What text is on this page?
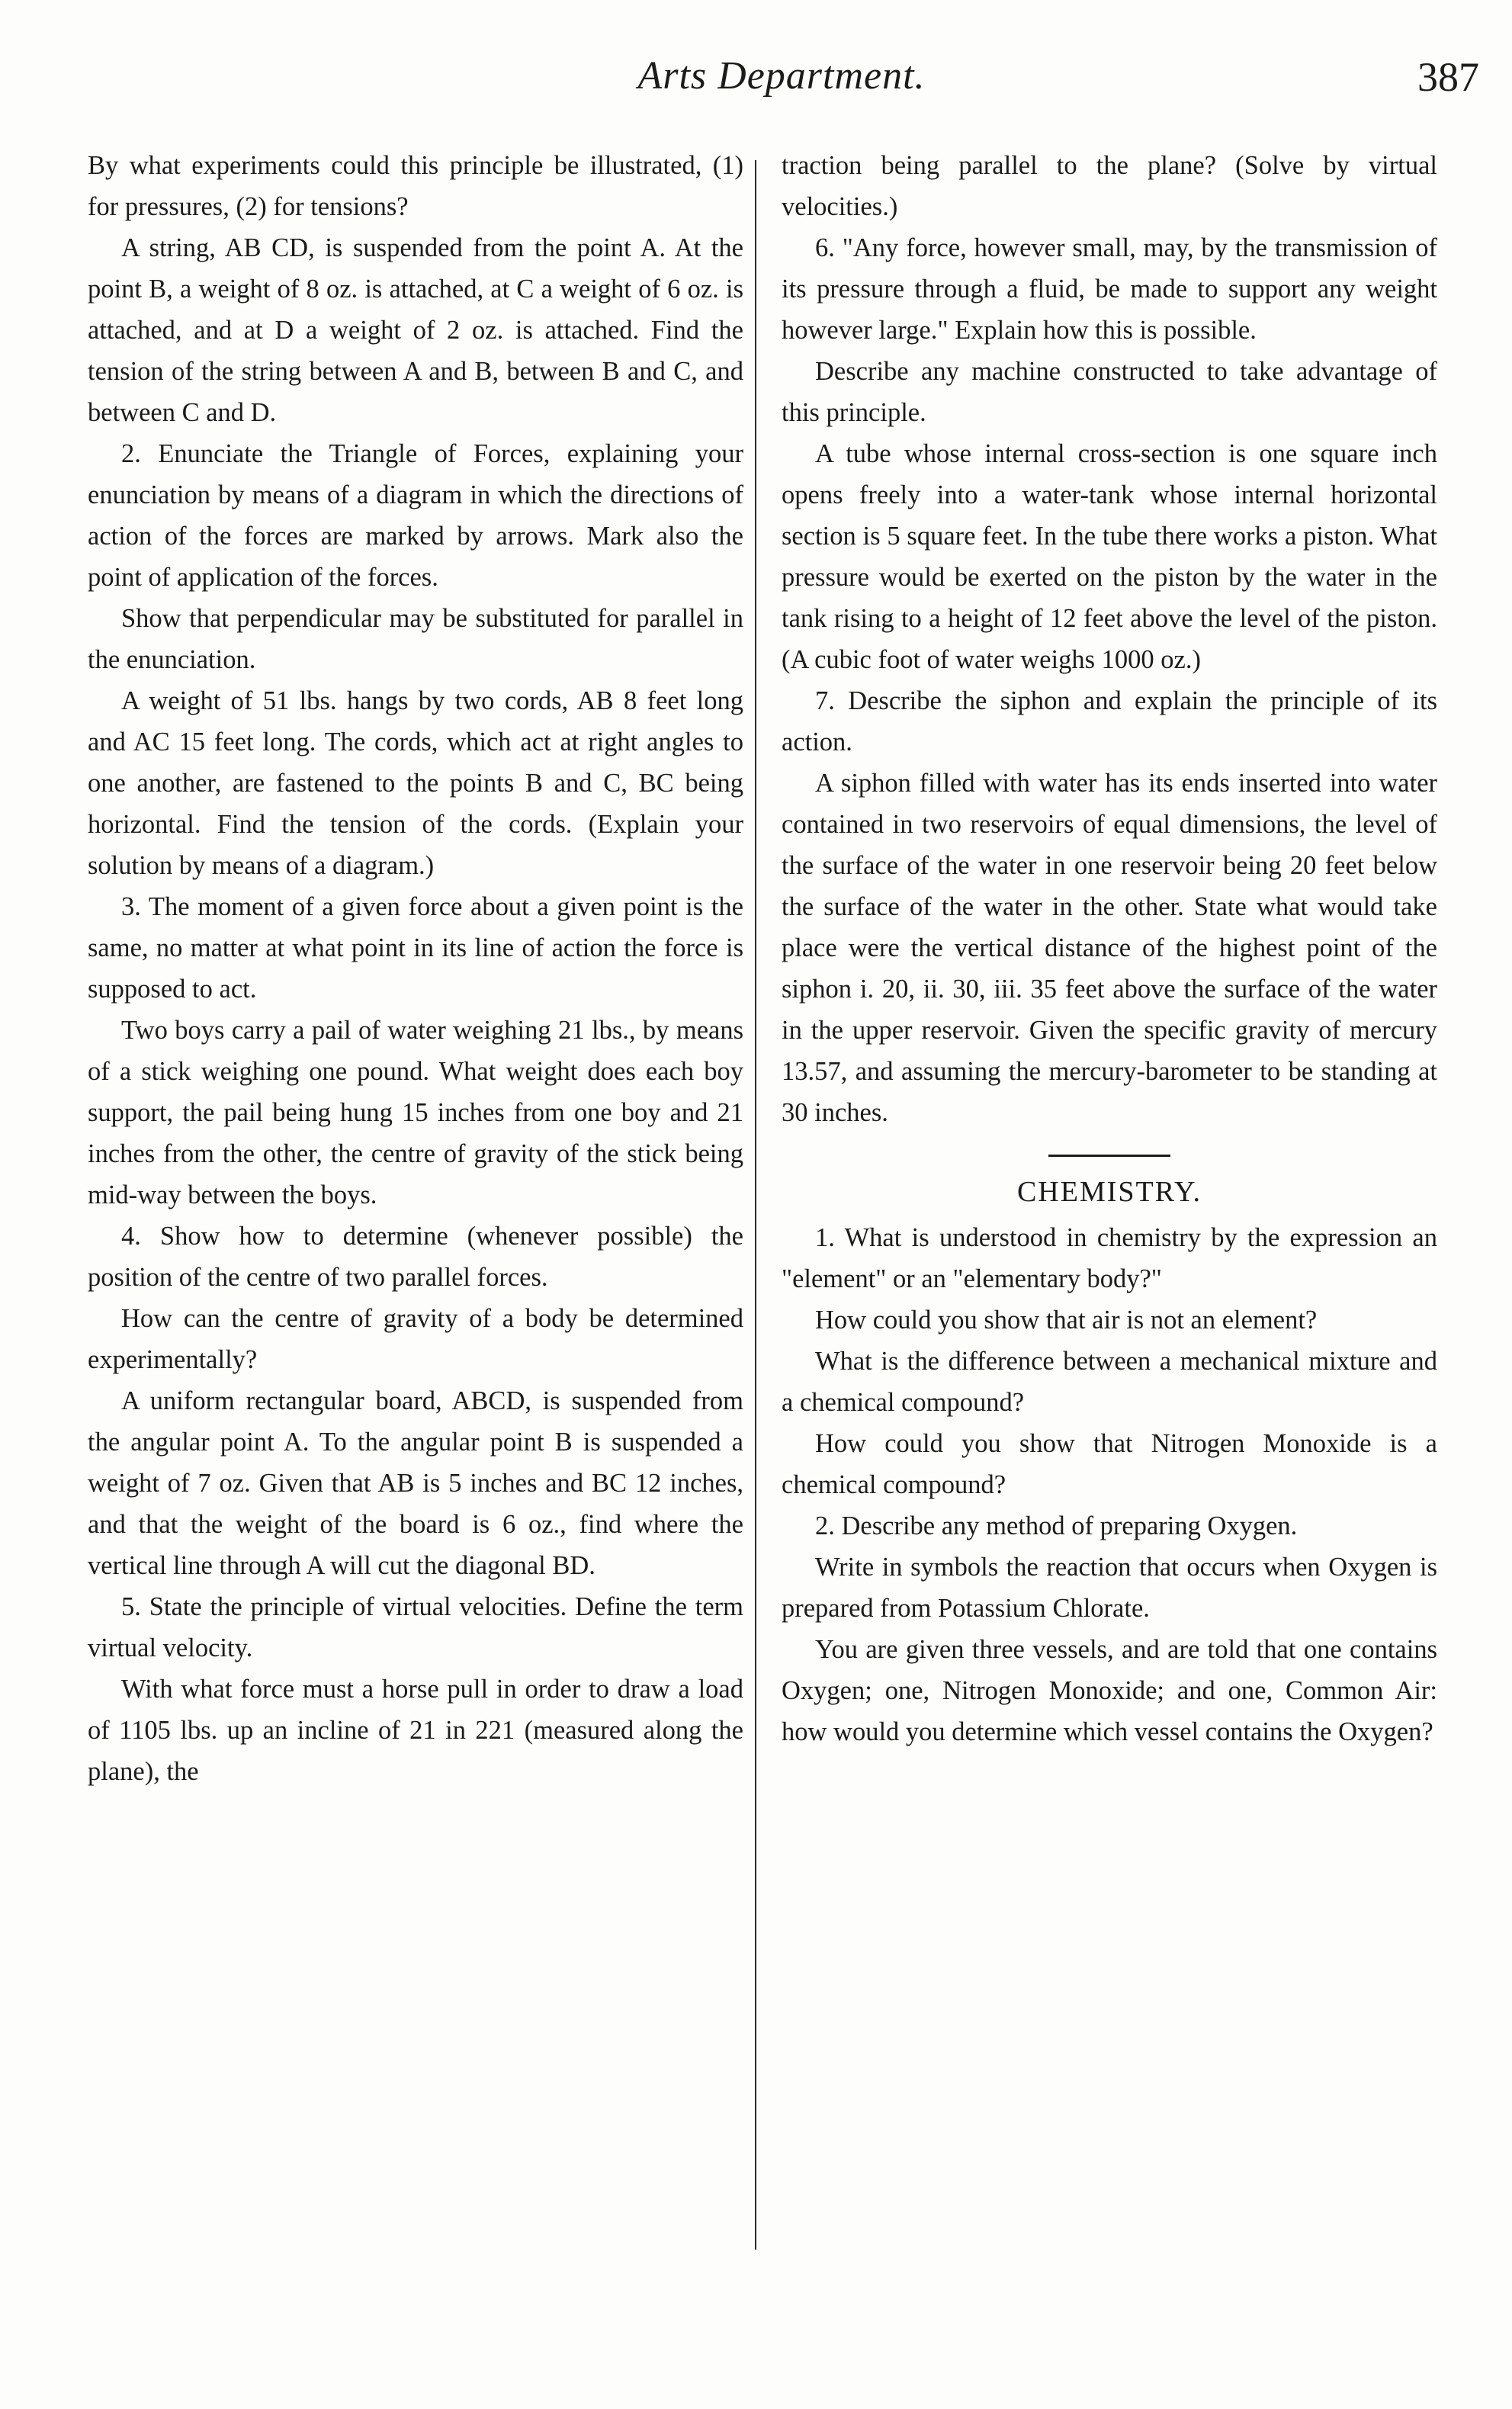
Arts Department.	387

By what experiments could this principle be illustrated, (1) for pressures, (2) for tensions?

A string, AB CD, is suspended from the point A. At the point B, a weight of 8 oz. is attached, at C a weight of 6 oz. is attached, and at D a weight of 2 oz. is attached. Find the tension of the string between A and B, between B and C, and between C and D.

2. Enunciate the Triangle of Forces, explaining your enunciation by means of a diagram in which the directions of action of the forces are marked by arrows. Mark also the point of application of the forces.

Show that perpendicular may be substituted for parallel in the enunciation.

A weight of 51 lbs. hangs by two cords, AB 8 feet long and AC 15 feet long. The cords, which act at right angles to one another, are fastened to the points B and C, BC being horizontal. Find the tension of the cords. (Explain your solution by means of a diagram.)

3. The moment of a given force about a given point is the same, no matter at what point in its line of action the force is supposed to act.

Two boys carry a pail of water weighing 21 lbs., by means of a stick weighing one pound. What weight does each boy support, the pail being hung 15 inches from one boy and 21 inches from the other, the centre of gravity of the stick being mid-way between the boys.

4. Show how to determine (whenever possible) the position of the centre of two parallel forces.

How can the centre of gravity of a body be determined experimentally?

A uniform rectangular board, ABCD, is suspended from the angular point A. To the angular point B is suspended a weight of 7 oz. Given that AB is 5 inches and BC 12 inches, and that the weight of the board is 6 oz., find where the vertical line through A will cut the diagonal BD.

5. State the principle of virtual velocities. Define the term virtual velocity.

With what force must a horse pull in order to draw a load of 1105 lbs. up an incline of 21 in 221 (measured along the plane), the

traction being parallel to the plane? (Solve by virtual velocities.)

6. "Any force, however small, may, by the transmission of its pressure through a fluid, be made to support any weight however large." Explain how this is possible.

Describe any machine constructed to take advantage of this principle.

A tube whose internal cross-section is one square inch opens freely into a water-tank whose internal horizontal section is 5 square feet. In the tube there works a piston. What pressure would be exerted on the piston by the water in the tank rising to a height of 12 feet above the level of the piston. (A cubic foot of water weighs 1000 oz.)

7. Describe the siphon and explain the principle of its action.

A siphon filled with water has its ends inserted into water contained in two reservoirs of equal dimensions, the level of the surface of the water in one reservoir being 20 feet below the surface of the water in the other. State what would take place were the vertical distance of the highest point of the siphon i. 20, ii. 30, iii. 35 feet above the surface of the water in the upper reservoir. Given the specific gravity of mercury 13.57, and assuming the mercury-barometer to be standing at 30 inches.

CHEMISTRY.

1. What is understood in chemistry by the expression an "element" or an "elementary body?"

How could you show that air is not an element?

What is the difference between a mechanical mixture and a chemical compound?

How could you show that Nitrogen Monoxide is a chemical compound?

2. Describe any method of preparing Oxygen.

Write in symbols the reaction that occurs when Oxygen is prepared from Potassium Chlorate.

You are given three vessels, and are told that one contains Oxygen; one, Nitrogen Monoxide; and one, Common Air: how would you determine which vessel contains the Oxygen?
